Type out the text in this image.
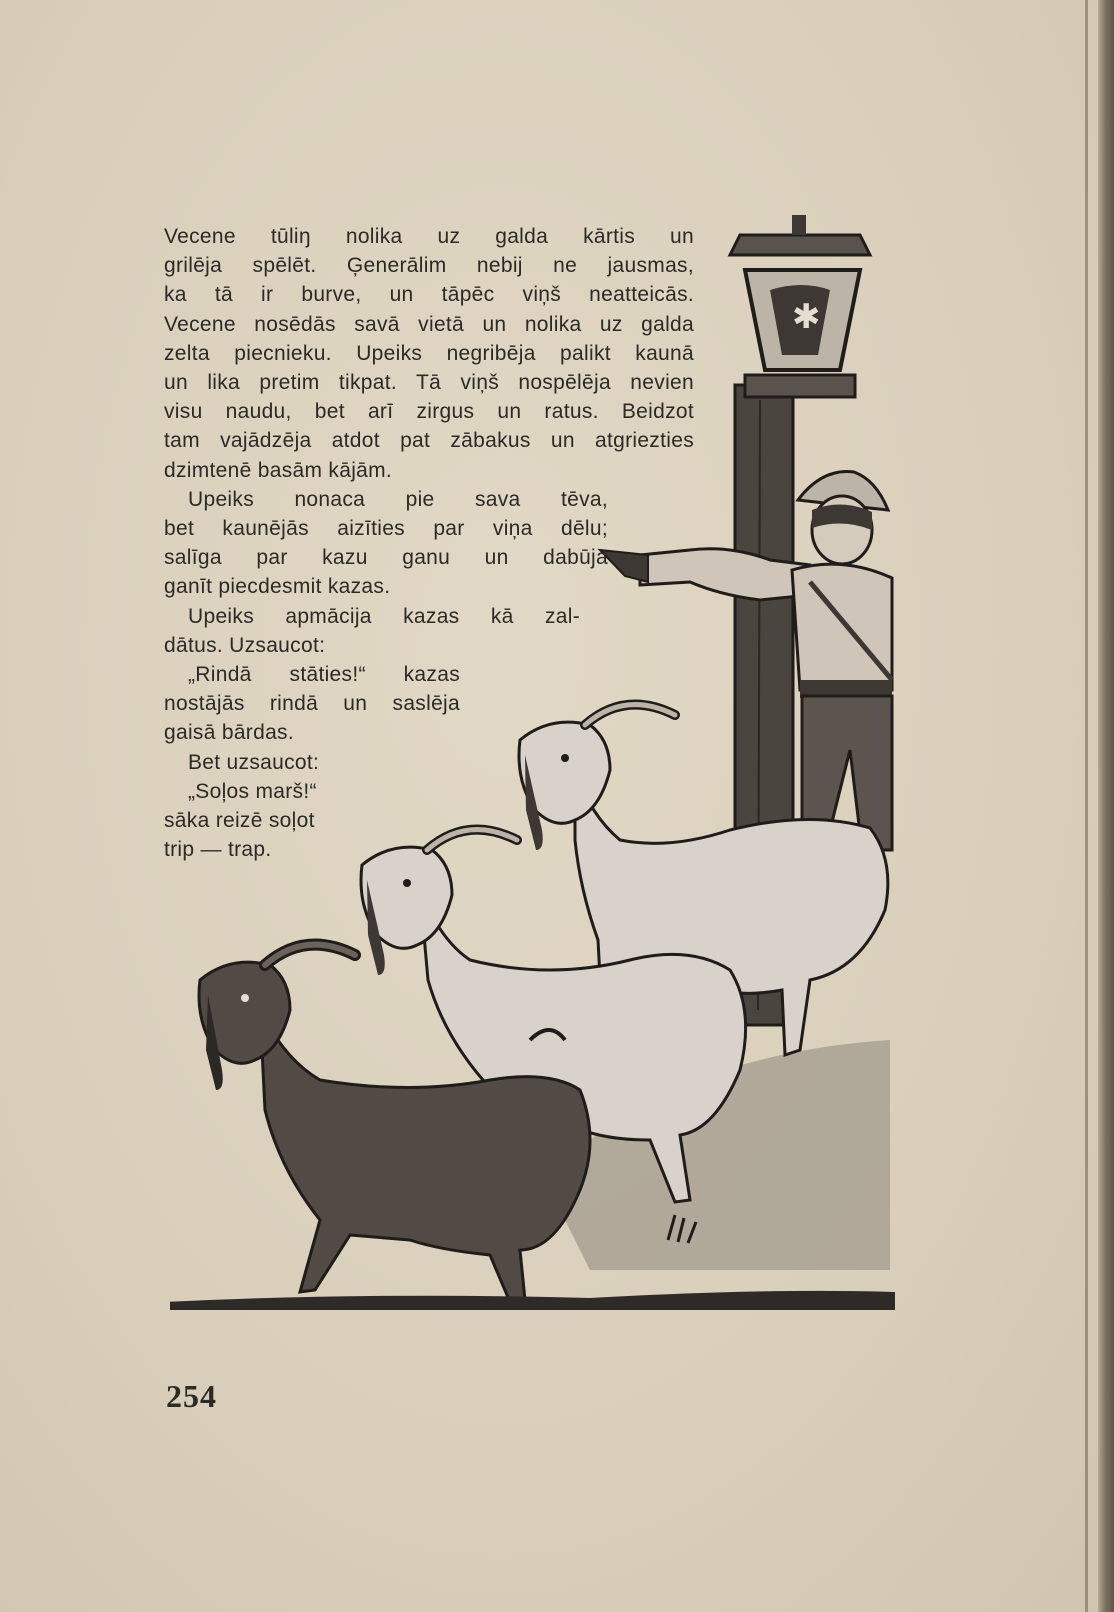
✱
Vecene tūliŋ nolika uz galda kārtis un
grilēja spēlēt. Ģenerālim nebij ne jausmas,
ka tā ir burve, un tāpēc viņš neatteicās.
Vecene nosēdās savā vietā un nolika uz galda
zelta piecnieku. Upeiks negribēja palikt kaunā
un lika pretim tikpat. Tā viņš nospēlēja nevien
visu naudu, bet arī zirgus un ratus. Beidzot
tam vajādzēja atdot pat zābakus un atgriezties
dzimtenē basām kājām.
Upeiks nonaca pie sava tēva,
bet kaunējās aizīties par viņa dēlu;
salīga par kazu ganu un dabūja
ganīt piecdesmit kazas.
Upeiks apmācija kazas kā zal-
dātus. Uzsaucot:
„Rindā stāties!“ kazas
nostājās rindā un saslēja
gaisā bārdas.
Bet uzsaucot:
„Soļos marš!“
sāka reizē soļot
trip — trap.
254
